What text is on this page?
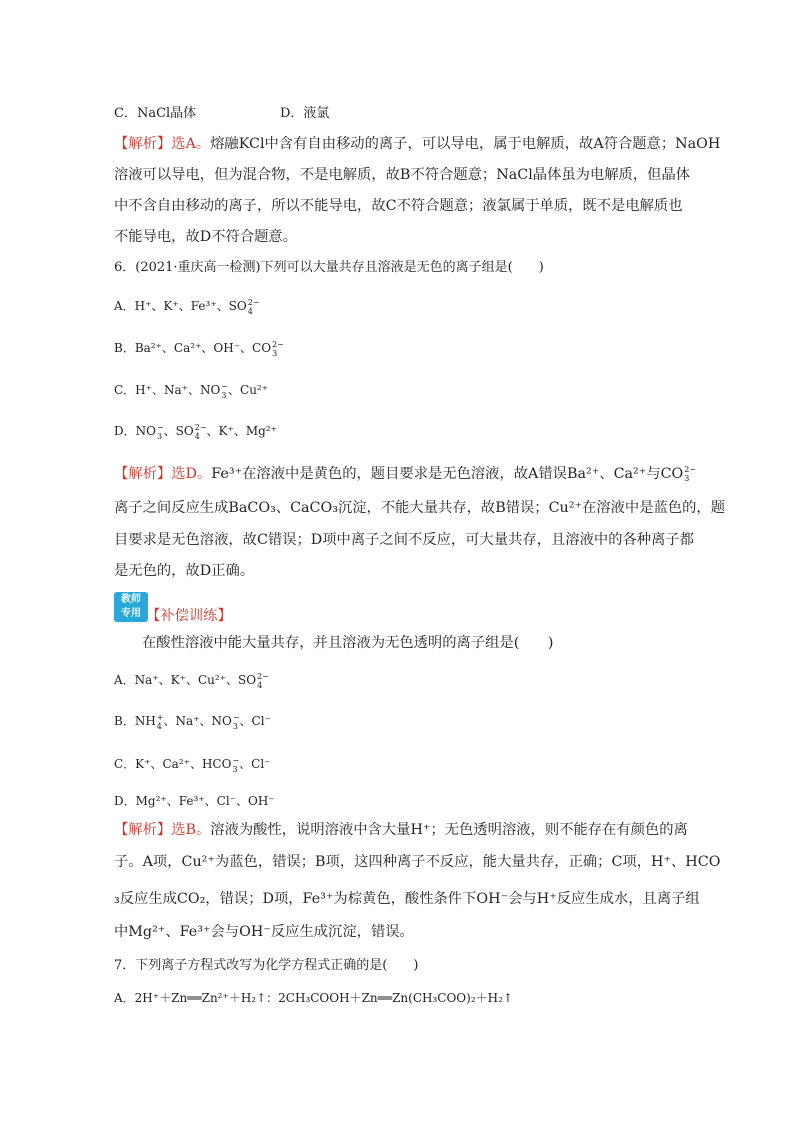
C．NaCl晶体	D．液氯
【解析】选A。熔融KCl中含有自由移动的离子，可以导电，属于电解质，故A符合题意；NaOH
溶液可以导电，但为混合物，不是电解质，故B不符合题意；NaCl晶体虽为电解质，但晶体
中不含自由移动的离子，所以不能导电，故C不符合题意；液氯属于单质，既不是电解质也
不能导电，故D不符合题意。
6．(2021·重庆高一检测)下列可以大量共存且溶液是无色的离子组是(　　)
A．H⁺、K⁺、Fe³⁺、SO 2−
4
B．Ba²⁺、Ca²⁺、OH⁻、CO 2−
3
C．H⁺、Na⁺、NO −
3 、Cu²⁺
D．NO −
3 、SO 2−
4 、K⁺、Mg²⁺
【解析】选D。Fe³⁺在溶液中是黄色的，题目要求是无色溶液，故A错误Ba²⁺、Ca²⁺与CO 2−
3
离子之间反应生成BaCO₃、CaCO₃沉淀，不能大量共存，故B错误；Cu²⁺在溶液中是蓝色的，题
目要求是无色溶液，故C错误；D项中离子之间不反应，可大量共存，且溶液中的各种离子都
是无色的，故D正确。
教师
专用 【补偿训练】
在酸性溶液中能大量共存，并且溶液为无色透明的离子组是(　　)
A．Na⁺、K⁺、Cu²⁺、SO 2−
4
B．NH +
4 、Na⁺、NO −
3 、Cl⁻
C．K⁺、Ca²⁺、HCO −
3 、Cl⁻
D．Mg²⁺、Fe³⁺、Cl⁻、OH⁻
【解析】选B。溶液为酸性，说明溶液中含大量H⁺；无色透明溶液，则不能存在有颜色的离
子。A项，Cu²⁺为蓝色，错误；B项，这四种离子不反应，能大量共存，正确；C项，H⁺、HCO
₃反应生成CO₂，错误；D项，Fe³⁺为棕黄色，酸性条件下OH⁻会与H⁺反应生成水，且离子组
中Mg²⁺、Fe³⁺会与OH⁻反应生成沉淀，错误。
7．下列离子方程式改写为化学方程式正确的是(　　)
A．2H⁺＋Zn══Zn²⁺＋H₂↑：2CH₃COOH＋Zn══Zn(CH₃COO)₂＋H₂↑
